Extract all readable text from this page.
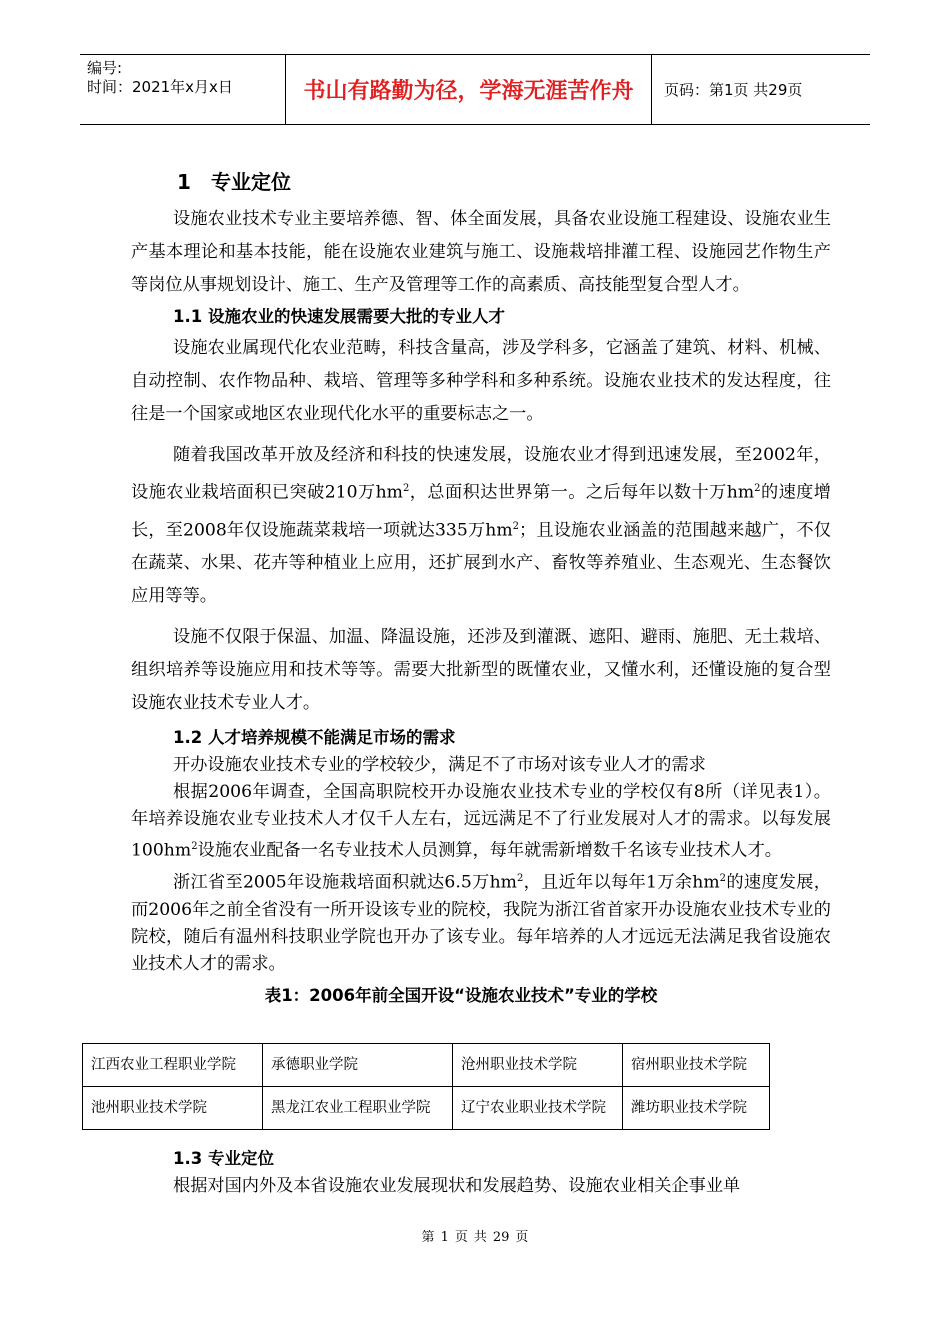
编号:
时间：2021年x月x日	书山有路勤为径，学海无涯苦作舟	页码：第1页 共29页
1 专业定位

设施农业技术专业主要培养德、智、体全面发展，具备农业设施工程建设、设施农业生产基本理论和基本技能，能在设施农业建筑与施工、设施栽培排灌工程、设施园艺作物生产等岗位从事规划设计、施工、生产及管理等工作的高素质、高技能型复合型人才。

1.1 设施农业的快速发展需要大批的专业人才

设施农业属现代化农业范畴，科技含量高，涉及学科多，它涵盖了建筑、材料、机械、自动控制、农作物品种、栽培、管理等多种学科和多种系统。设施农业技术的发达程度，往往是一个国家或地区农业现代化水平的重要标志之一。

随着我国改革开放及经济和科技的快速发展，设施农业才得到迅速发展，至2002年，设施农业栽培面积已突破210万$hm^2$，总面积达世界第一。之后每年以数十万$hm^2$的速度增长，至2008年仅设施蔬菜栽培一项就达335万$hm^2$；且设施农业涵盖的范围越来越广，不仅在蔬菜、水果、花卉等种植业上应用，还扩展到水产、畜牧等养殖业、生态观光、生态餐饮应用等等。

设施不仅限于保温、加温、降温设施，还涉及到灌溉、遮阳、避雨、施肥、无土栽培、组织培养等设施应用和技术等等。需要大批新型的既懂农业，又懂水利，还懂设施的复合型设施农业技术专业人才。

1.2 人才培养规模不能满足市场的需求

开办设施农业技术专业的学校较少，满足不了市场对该专业人才的需求

根据2006年调查，全国高职院校开办设施农业技术专业的学校仅有8所（详见表1）。年培养设施农业专业技术人才仅千人左右，远远满足不了行业发展对人才的需求。以每发展$100hm^2$设施农业配备一名专业技术人员测算，每年就需新增数千名该专业技术人才。

浙江省至2005年设施栽培面积就达6.5万$hm^2$，且近年以每年1万余$hm^2$的速度发展，而2006年之前全省没有一所开设该专业的院校，我院为浙江省首家开办设施农业技术专业的院校，随后有温州科技职业学院也开办了该专业。每年培养的人才远远无法满足我省设施农业技术人才的需求。

表1：2006年前全国开设“设施农业技术”专业的学校
江西农业工程职业学院	承德职业学院	沧州职业技术学院	宿州职业技术学院
池州职业技术学院	黑龙江农业工程职业学院	辽宁农业职业技术学院	潍坊职业技术学院
1.3 专业定位

根据对国内外及本省设施农业发展现状和发展趋势、设施农业相关企事业单

第 1 页 共 29 页
